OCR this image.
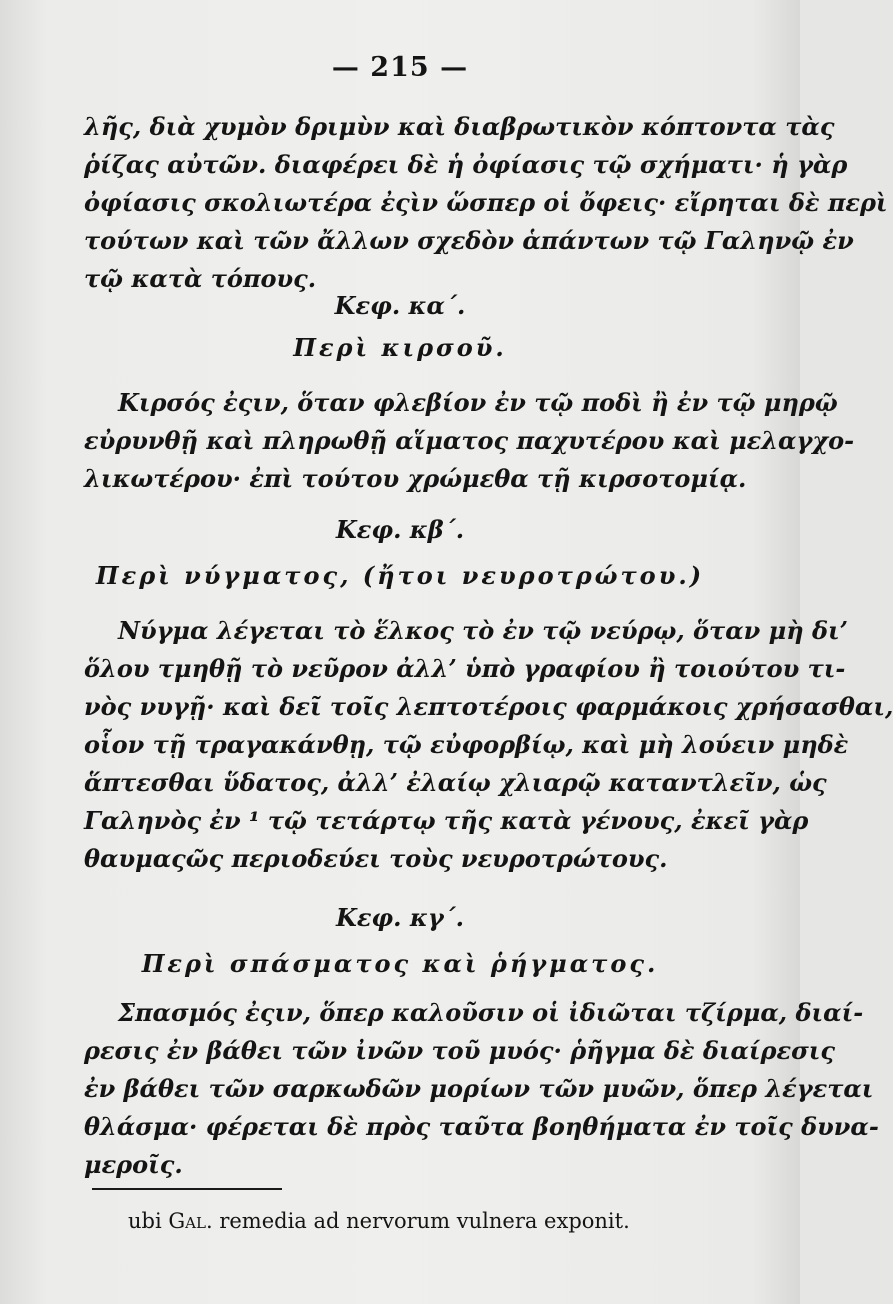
— 215 —
λῆς, διὰ χυμὸν δριμὺν καὶ διαβρωτικὸν κόπτοντα τὰς
ῥίζας αὐτῶν. διαφέρει δὲ ἡ ὀφίασις τῷ σχήματι· ἡ γὰρ
ὀφίασις σκολιωτέρα ἐςὶν ὥσπερ οἱ ὄφεις· εἴρηται δὲ περὶ
τούτων καὶ τῶν ἄλλων σχεδὸν ἁπάντων τῷ Γαληνῷ ἐν
τῷ κατὰ τόπους.
Κεφ. κα΄.
Περὶ κιρσοῦ.
Κιρσός ἐςιν, ὅταν φλεβίον ἐν τῷ ποδὶ ἢ ἐν τῷ μηρῷ
εὐρυνθῇ καὶ πληρωθῇ αἵματος παχυτέρου καὶ μελαγχο-
λικωτέρου· ἐπὶ τούτου χρώμεθα τῇ κιρσοτομίᾳ.
Κεφ. κβ΄.
Περὶ νύγματος, (ἤτοι νευροτρώτου.)
Νύγμα λέγεται τὸ ἕλκος τὸ ἐν τῷ νεύρῳ, ὅταν μὴ δι’
ὅλου τμηθῇ τὸ νεῦρον ἀλλ’ ὑπὸ γραφίου ἢ τοιούτου τι-
νὸς νυγῇ· καὶ δεῖ τοῖς λεπτοτέροις φαρμάκοις χρήσασθαι,
οἷον τῇ τραγακάνθῃ, τῷ εὐφορβίῳ, καὶ μὴ λούειν μηδὲ
ἅπτεσθαι ὕδατος, ἀλλ’ ἐλαίῳ χλιαρῷ καταντλεῖν, ὡς
Γαληνὸς ἐν ¹ τῷ τετάρτῳ τῆς κατὰ γένους, ἐκεῖ γὰρ
θαυμαςῶς περιοδεύει τοὺς νευροτρώτους.
Κεφ. κγ΄.
Περὶ σπάσματος καὶ ῥήγματος.
Σπασμός ἐςιν, ὅπερ καλοῦσιν οἱ ἰδιῶται τζίρμα, διαί-
ρεσις ἐν βάθει τῶν ἰνῶν τοῦ μυός· ῥῆγμα δὲ διαίρεσις
ἐν βάθει τῶν σαρκωδῶν μορίων τῶν μυῶν, ὅπερ λέγεται
θλάσμα· φέρεται δὲ πρὸς ταῦτα βοηθήματα ἐν τοῖς δυνα-
μεροῖς.
ubi Gal. remedia ad nervorum vulnera exponit.
